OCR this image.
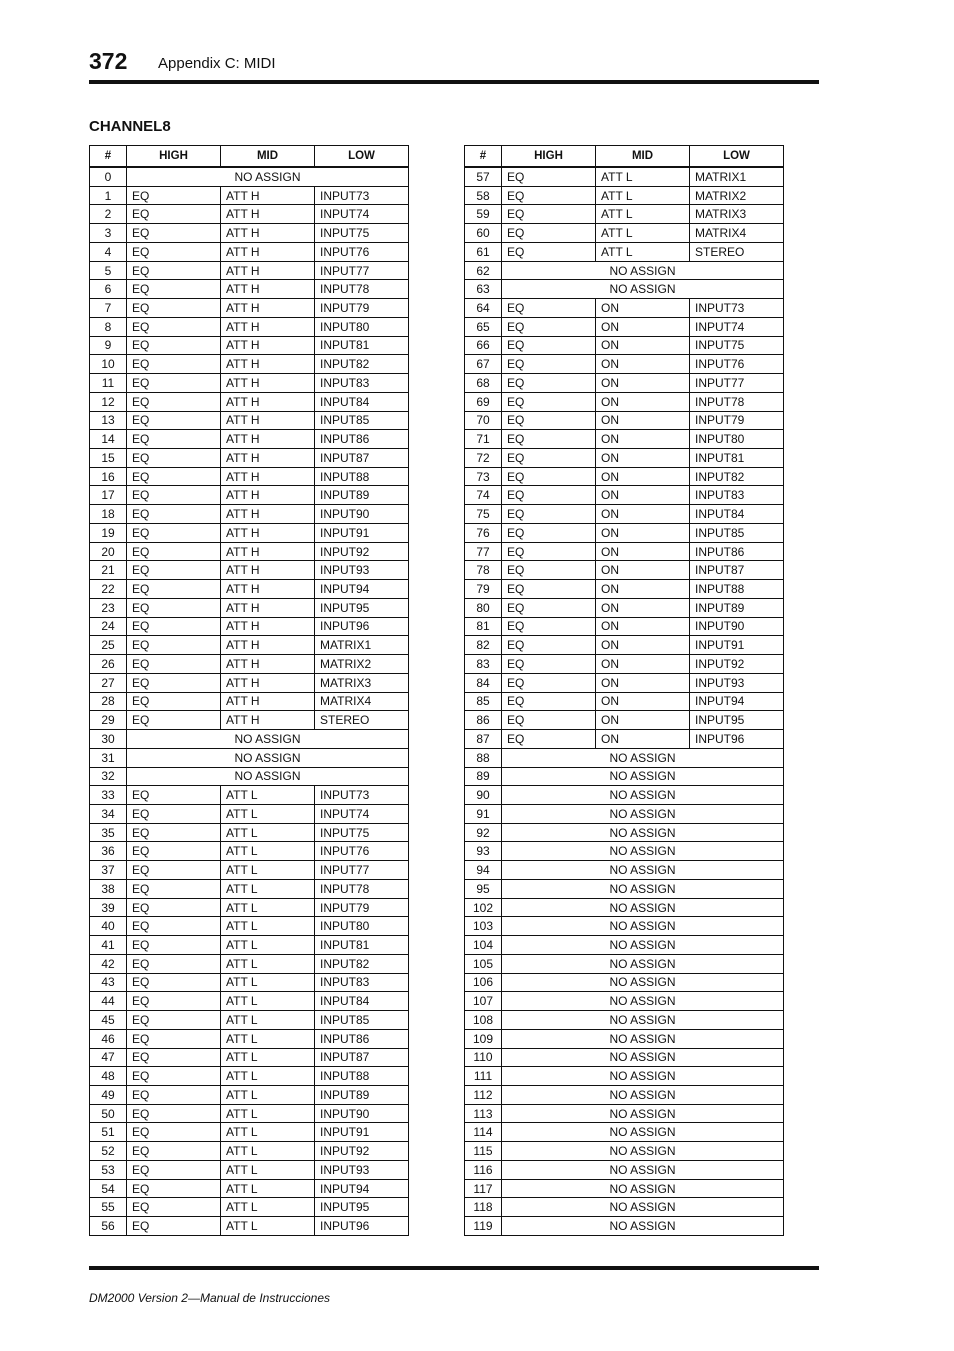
372 Appendix C: MIDI
CHANNEL8
#	HIGH	MID	LOW
0	NO ASSIGN		
1	EQ	ATT H	INPUT73
2	EQ	ATT H	INPUT74
3	EQ	ATT H	INPUT75
4	EQ	ATT H	INPUT76
5	EQ	ATT H	INPUT77
6	EQ	ATT H	INPUT78
7	EQ	ATT H	INPUT79
8	EQ	ATT H	INPUT80
9	EQ	ATT H	INPUT81
10	EQ	ATT H	INPUT82
11	EQ	ATT H	INPUT83
12	EQ	ATT H	INPUT84
13	EQ	ATT H	INPUT85
14	EQ	ATT H	INPUT86
15	EQ	ATT H	INPUT87
16	EQ	ATT H	INPUT88
17	EQ	ATT H	INPUT89
18	EQ	ATT H	INPUT90
19	EQ	ATT H	INPUT91
20	EQ	ATT H	INPUT92
21	EQ	ATT H	INPUT93
22	EQ	ATT H	INPUT94
23	EQ	ATT H	INPUT95
24	EQ	ATT H	INPUT96
25	EQ	ATT H	MATRIX1
26	EQ	ATT H	MATRIX2
27	EQ	ATT H	MATRIX3
28	EQ	ATT H	MATRIX4
29	EQ	ATT H	STEREO
30	NO ASSIGN		
31	NO ASSIGN		
32	NO ASSIGN		
33	EQ	ATT L	INPUT73
34	EQ	ATT L	INPUT74
35	EQ	ATT L	INPUT75
36	EQ	ATT L	INPUT76
37	EQ	ATT L	INPUT77
38	EQ	ATT L	INPUT78
39	EQ	ATT L	INPUT79
40	EQ	ATT L	INPUT80
41	EQ	ATT L	INPUT81
42	EQ	ATT L	INPUT82
43	EQ	ATT L	INPUT83
44	EQ	ATT L	INPUT84
45	EQ	ATT L	INPUT85
46	EQ	ATT L	INPUT86
47	EQ	ATT L	INPUT87
48	EQ	ATT L	INPUT88
49	EQ	ATT L	INPUT89
50	EQ	ATT L	INPUT90
51	EQ	ATT L	INPUT91
52	EQ	ATT L	INPUT92
53	EQ	ATT L	INPUT93
54	EQ	ATT L	INPUT94
55	EQ	ATT L	INPUT95
56	EQ	ATT L	INPUT96
#	HIGH	MID	LOW
57	EQ	ATT L	MATRIX1
58	EQ	ATT L	MATRIX2
59	EQ	ATT L	MATRIX3
60	EQ	ATT L	MATRIX4
61	EQ	ATT L	STEREO
62	NO ASSIGN		
63	NO ASSIGN		
64	EQ	ON	INPUT73
65	EQ	ON	INPUT74
66	EQ	ON	INPUT75
67	EQ	ON	INPUT76
68	EQ	ON	INPUT77
69	EQ	ON	INPUT78
70	EQ	ON	INPUT79
71	EQ	ON	INPUT80
72	EQ	ON	INPUT81
73	EQ	ON	INPUT82
74	EQ	ON	INPUT83
75	EQ	ON	INPUT84
76	EQ	ON	INPUT85
77	EQ	ON	INPUT86
78	EQ	ON	INPUT87
79	EQ	ON	INPUT88
80	EQ	ON	INPUT89
81	EQ	ON	INPUT90
82	EQ	ON	INPUT91
83	EQ	ON	INPUT92
84	EQ	ON	INPUT93
85	EQ	ON	INPUT94
86	EQ	ON	INPUT95
87	EQ	ON	INPUT96
88	NO ASSIGN		
89	NO ASSIGN		
90	NO ASSIGN		
91	NO ASSIGN		
92	NO ASSIGN		
93	NO ASSIGN		
94	NO ASSIGN		
95	NO ASSIGN		
102	NO ASSIGN		
103	NO ASSIGN		
104	NO ASSIGN		
105	NO ASSIGN		
106	NO ASSIGN		
107	NO ASSIGN		
108	NO ASSIGN		
109	NO ASSIGN		
110	NO ASSIGN		
111	NO ASSIGN		
112	NO ASSIGN		
113	NO ASSIGN		
114	NO ASSIGN		
115	NO ASSIGN		
116	NO ASSIGN		
117	NO ASSIGN		
118	NO ASSIGN		
119	NO ASSIGN		
DM2000 Version 2—Manual de Instrucciones
